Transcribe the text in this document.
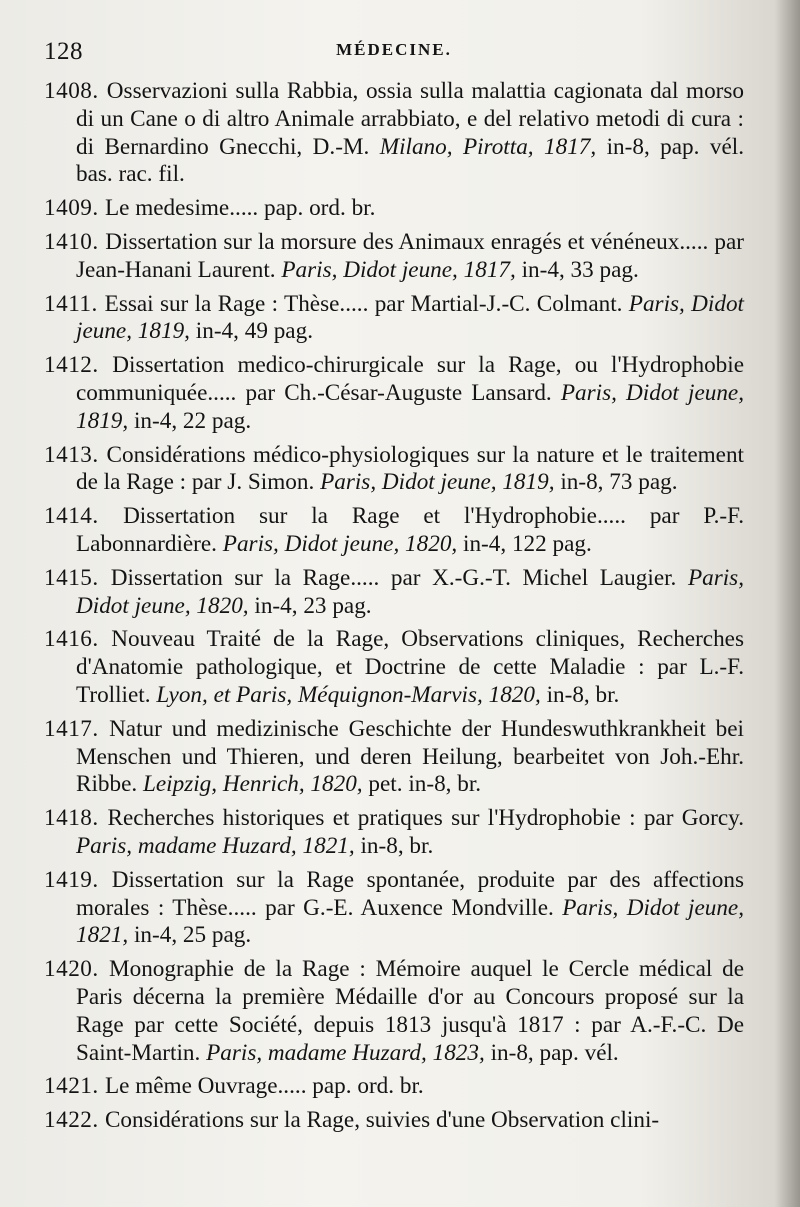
128	MÉDECINE.
1408. Osservazioni sulla Rabbia, ossia sulla malattia cagionata dal morso di un Cane o di altro Animale arrabbiato, e del relativo metodi di cura : di Bernardino Gnecchi, D.-M. Milano, Pirotta, 1817, in-8, pap. vél. bas. rac. fil.
1409. Le medesime..... pap. ord. br.
1410. Dissertation sur la morsure des Animaux enragés et vénéneux..... par Jean-Hanani Laurent. Paris, Didot jeune, 1817, in-4, 33 pag.
1411. Essai sur la Rage : Thèse..... par Martial-J.-C. Colmant. Paris, Didot jeune, 1819, in-4, 49 pag.
1412. Dissertation medico-chirurgicale sur la Rage, ou l'Hydrophobie communiquée..... par Ch.-César-Auguste Lansard. Paris, Didot jeune, 1819, in-4, 22 pag.
1413. Considérations médico-physiologiques sur la nature et le traitement de la Rage : par J. Simon. Paris, Didot jeune, 1819, in-8, 73 pag.
1414. Dissertation sur la Rage et l'Hydrophobie..... par P.-F. Labonnardière. Paris, Didot jeune, 1820, in-4, 122 pag.
1415. Dissertation sur la Rage..... par X.-G.-T. Michel Laugier. Paris, Didot jeune, 1820, in-4, 23 pag.
1416. Nouveau Traité de la Rage, Observations cliniques, Recherches d'Anatomie pathologique, et Doctrine de cette Maladie : par L.-F. Trolliet. Lyon, et Paris, Méquignon-Marvis, 1820, in-8, br.
1417. Natur und medizinische Geschichte der Hundeswuthkrankheit bei Menschen und Thieren, und deren Heilung, bearbeitet von Joh.-Ehr. Ribbe. Leipzig, Henrich, 1820, pet. in-8, br.
1418. Recherches historiques et pratiques sur l'Hydrophobie : par Gorcy. Paris, madame Huzard, 1821, in-8, br.
1419. Dissertation sur la Rage spontanée, produite par des affections morales : Thèse..... par G.-E. Auxence Mondville. Paris, Didot jeune, 1821, in-4, 25 pag.
1420. Monographie de la Rage : Mémoire auquel le Cercle médical de Paris décerna la première Médaille d'or au Concours proposé sur la Rage par cette Société, depuis 1813 jusqu'à 1817 : par A.-F.-C. De Saint-Martin. Paris, madame Huzard, 1823, in-8, pap. vél.
1421. Le même Ouvrage..... pap. ord. br.
1422. Considérations sur la Rage, suivies d'une Observation clini-
